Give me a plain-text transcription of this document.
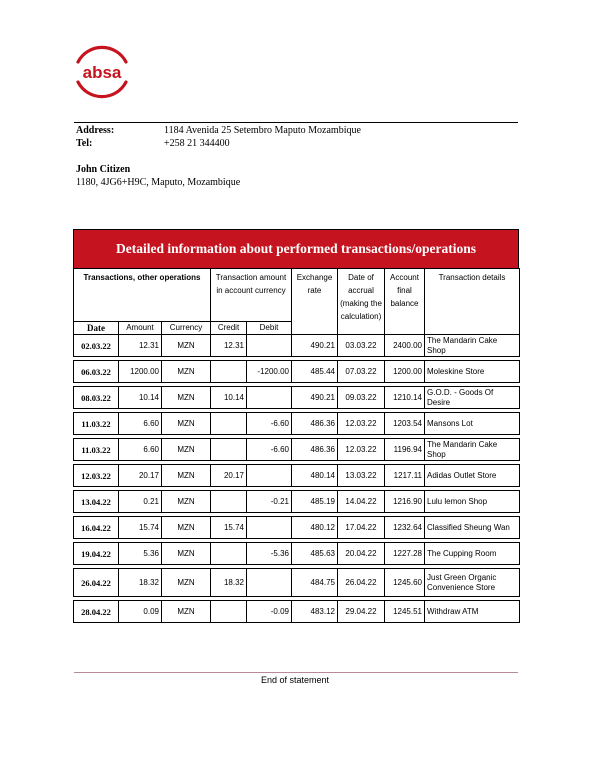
absa
Address:	1184 Avenida 25 Setembro Maputo Mozambique
Tel:	+258 21 344400
John Citizen
1180, 4JG6+H9C, Maputo, Mozambique
Detailed information about performed transactions/operations
Transactions, other operations			Transaction amount in account currency		Exchange rate	Date of accrual (making the calculation)	Account final balance	Transaction details
Date	Amount	Currency	Credit	Debit				
02.03.22	12.31	MZN	12.31		490.21	03.03.22	2400.00	The Mandarin Cake Shop

06.03.22	1200.00	MZN		-1200.00	485.44	07.03.22	1200.00	Moleskine Store

08.03.22	10.14	MZN	10.14		490.21	09.03.22	1210.14	G.O.D. - Goods Of Desire

11.03.22	6.60	MZN		-6.60	486.36	12.03.22	1203.54	Mansons Lot

11.03.22	6.60	MZN		-6.60	486.36	12.03.22	1196.94	The Mandarin Cake Shop

12.03.22	20.17	MZN	20.17		480.14	13.03.22	1217.11	Adidas Outlet Store

13.04.22	0.21	MZN		-0.21	485.19	14.04.22	1216.90	Lulu lemon Shop

16.04.22	15.74	MZN	15.74		480.12	17.04.22	1232.64	Classified Sheung Wan

19.04.22	5.36	MZN		-5.36	485.63	20.04.22	1227.28	The Cupping Room

26.04.22	18.32	MZN	18.32		484.75	26.04.22	1245.60	Just Green Organic Convenience Store

28.04.22	0.09	MZN		-0.09	483.12	29.04.22	1245.51	Withdraw ATM
End of statement
